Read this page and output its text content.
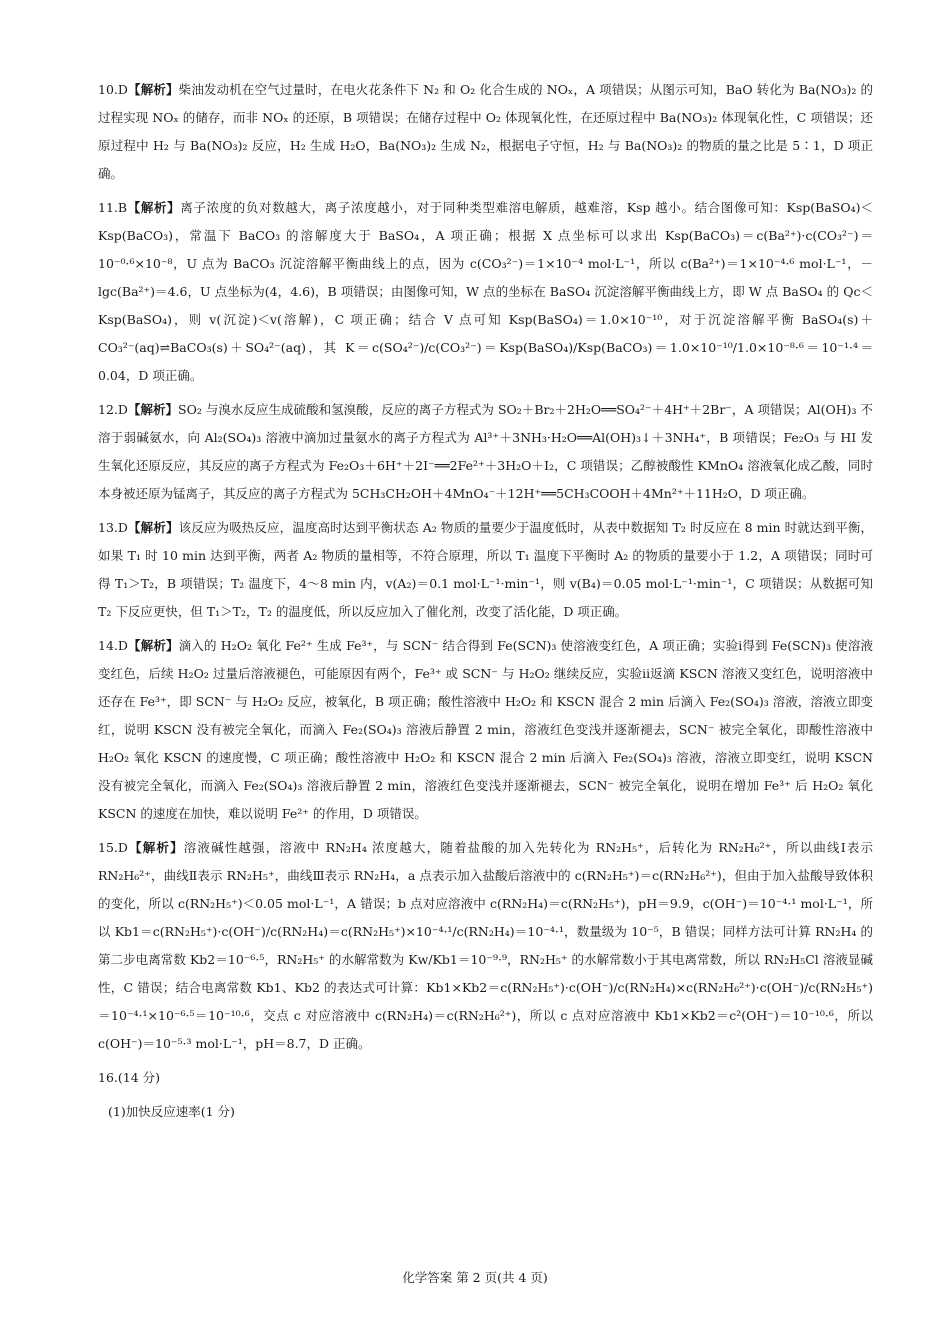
10.D【解析】柴油发动机在空气过量时，在电火花条件下 N₂ 和 O₂ 化合生成的 NOₓ，A 项错误；从图示可知，BaO 转化为 Ba(NO₃)₂ 的过程实现 NOₓ 的储存，而非 NOₓ 的还原，B 项错误；在储存过程中 O₂ 体现氧化性，在还原过程中 Ba(NO₃)₂ 体现氧化性，C 项错误；还原过程中 H₂ 与 Ba(NO₃)₂ 反应，H₂ 生成 H₂O，Ba(NO₃)₂ 生成 N₂，根据电子守恒，H₂ 与 Ba(NO₃)₂ 的物质的量之比是 5∶1，D 项正确。

11.B【解析】离子浓度的负对数越大，离子浓度越小，对于同种类型难溶电解质，越难溶，Ksp 越小。结合图像可知：Ksp(BaSO₄)＜Ksp(BaCO₃)，常温下 BaCO₃ 的溶解度大于 BaSO₄，A 项正确；根据 X 点坐标可以求出 Ksp(BaCO₃)＝c(Ba²⁺)·c(CO₃²⁻)＝10⁻⁰·⁶×10⁻⁸，U 点为 BaCO₃ 沉淀溶解平衡曲线上的点，因为 c(CO₃²⁻)＝1×10⁻⁴ mol·L⁻¹，所以 c(Ba²⁺)＝1×10⁻⁴·⁶ mol·L⁻¹，－lgc(Ba²⁺)＝4.6，U 点坐标为(4，4.6)，B 项错误；由图像可知，W 点的坐标在 BaSO₄ 沉淀溶解平衡曲线上方，即 W 点 BaSO₄ 的 Qc＜Ksp(BaSO₄)，则 v(沉淀)＜v(溶解)，C 项正确；结合 V 点可知 Ksp(BaSO₄)＝1.0×10⁻¹⁰，对于沉淀溶解平衡 BaSO₄(s)＋CO₃²⁻(aq)⇌BaCO₃(s)＋SO₄²⁻(aq)，其 K＝c(SO₄²⁻)/c(CO₃²⁻)＝Ksp(BaSO₄)/Ksp(BaCO₃)＝1.0×10⁻¹⁰/1.0×10⁻⁸·⁶＝10⁻¹·⁴＝0.04，D 项正确。

12.D【解析】SO₂ 与溴水反应生成硫酸和氢溴酸，反应的离子方程式为 SO₂＋Br₂＋2H₂O══SO₄²⁻＋4H⁺＋2Br⁻，A 项错误；Al(OH)₃ 不溶于弱碱氨水，向 Al₂(SO₄)₃ 溶液中滴加过量氨水的离子方程式为 Al³⁺＋3NH₃·H₂O══Al(OH)₃↓＋3NH₄⁺，B 项错误；Fe₂O₃ 与 HI 发生氧化还原反应，其反应的离子方程式为 Fe₂O₃＋6H⁺＋2I⁻══2Fe²⁺＋3H₂O＋I₂，C 项错误；乙醇被酸性 KMnO₄ 溶液氧化成乙酸，同时本身被还原为锰离子，其反应的离子方程式为 5CH₃CH₂OH＋4MnO₄⁻＋12H⁺══5CH₃COOH＋4Mn²⁺＋11H₂O，D 项正确。

13.D【解析】该反应为吸热反应，温度高时达到平衡状态 A₂ 物质的量要少于温度低时，从表中数据知 T₂ 时反应在 8 min 时就达到平衡，如果 T₁ 时 10 min 达到平衡，两者 A₂ 物质的量相等，不符合原理，所以 T₁ 温度下平衡时 A₂ 的物质的量要小于 1.2，A 项错误；同时可得 T₁＞T₂，B 项错误；T₂ 温度下，4～8 min 内，v(A₂)＝0.1 mol·L⁻¹·min⁻¹，则 v(B₄)＝0.05 mol·L⁻¹·min⁻¹，C 项错误；从数据可知 T₂ 下反应更快，但 T₁＞T₂，T₂ 的温度低，所以反应加入了催化剂，改变了活化能，D 项正确。

14.D【解析】滴入的 H₂O₂ 氧化 Fe²⁺ 生成 Fe³⁺，与 SCN⁻ 结合得到 Fe(SCN)₃ 使溶液变红色，A 项正确；实验ⅰ得到 Fe(SCN)₃ 使溶液变红色，后续 H₂O₂ 过量后溶液褪色，可能原因有两个，Fe³⁺ 或 SCN⁻ 与 H₂O₂ 继续反应，实验ⅱ返滴 KSCN 溶液又变红色，说明溶液中还存在 Fe³⁺，即 SCN⁻ 与 H₂O₂ 反应，被氧化，B 项正确；酸性溶液中 H₂O₂ 和 KSCN 混合 2 min 后滴入 Fe₂(SO₄)₃ 溶液，溶液立即变红，说明 KSCN 没有被完全氧化，而滴入 Fe₂(SO₄)₃ 溶液后静置 2 min，溶液红色变浅并逐渐褪去，SCN⁻ 被完全氧化，即酸性溶液中 H₂O₂ 氧化 KSCN 的速度慢，C 项正确；酸性溶液中 H₂O₂ 和 KSCN 混合 2 min 后滴入 Fe₂(SO₄)₃ 溶液，溶液立即变红，说明 KSCN 没有被完全氧化，而滴入 Fe₂(SO₄)₃ 溶液后静置 2 min，溶液红色变浅并逐渐褪去，SCN⁻ 被完全氧化，说明在增加 Fe³⁺ 后 H₂O₂ 氧化 KSCN 的速度在加快，难以说明 Fe²⁺ 的作用，D 项错误。

15.D【解析】溶液碱性越强，溶液中 RN₂H₄ 浓度越大，随着盐酸的加入先转化为 RN₂H₅⁺，后转化为 RN₂H₆²⁺，所以曲线Ⅰ表示 RN₂H₆²⁺，曲线Ⅱ表示 RN₂H₅⁺，曲线Ⅲ表示 RN₂H₄，a 点表示加入盐酸后溶液中的 c(RN₂H₅⁺)＝c(RN₂H₆²⁺)，但由于加入盐酸导致体积的变化，所以 c(RN₂H₅⁺)＜0.05 mol·L⁻¹，A 错误；b 点对应溶液中 c(RN₂H₄)＝c(RN₂H₅⁺)，pH＝9.9，c(OH⁻)＝10⁻⁴·¹ mol·L⁻¹，所以 Kb1＝c(RN₂H₅⁺)·c(OH⁻)/c(RN₂H₄)＝c(RN₂H₅⁺)×10⁻⁴·¹/c(RN₂H₄)＝10⁻⁴·¹，数量级为 10⁻⁵，B 错误；同样方法可计算 RN₂H₄ 的第二步电离常数 Kb2＝10⁻⁶·⁵，RN₂H₅⁺ 的水解常数为 Kw/Kb1＝10⁻⁹·⁹，RN₂H₅⁺ 的水解常数小于其电离常数，所以 RN₂H₅Cl 溶液显碱性，C 错误；结合电离常数 Kb1、Kb2 的表达式可计算：Kb1×Kb2＝c(RN₂H₅⁺)·c(OH⁻)/c(RN₂H₄)×c(RN₂H₆²⁺)·c(OH⁻)/c(RN₂H₅⁺)＝10⁻⁴·¹×10⁻⁶·⁵＝10⁻¹⁰·⁶，交点 c 对应溶液中 c(RN₂H₄)＝c(RN₂H₆²⁺)，所以 c 点对应溶液中 Kb1×Kb2＝c²(OH⁻)＝10⁻¹⁰·⁶，所以 c(OH⁻)＝10⁻⁵·³ mol·L⁻¹，pH＝8.7，D 正确。

16.(14 分)

(1)加快反应速率(1 分)

化学答案 第 2 页(共 4 页)
